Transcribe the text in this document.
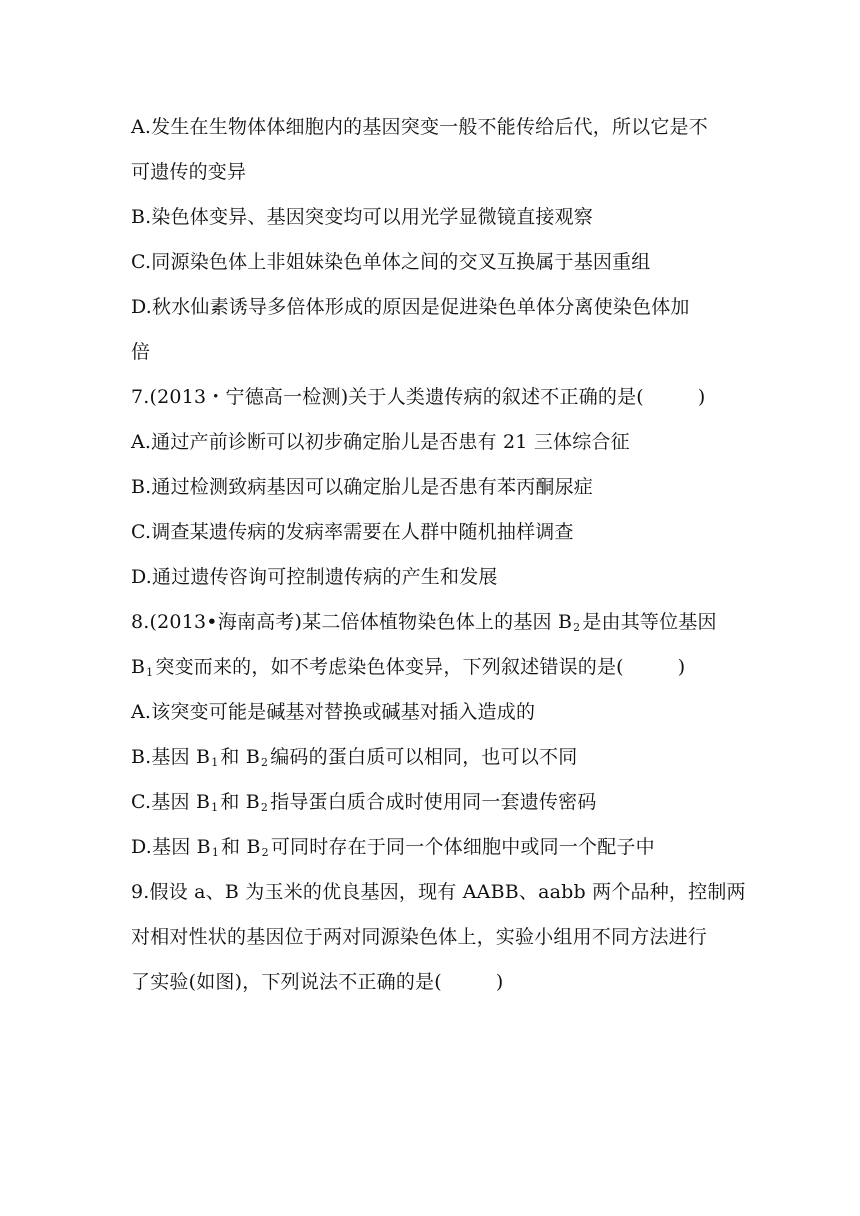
A.发生在生物体体细胞内的基因突变一般不能传给后代，所以它是不
可遗传的变异
B.染色体变异、基因突变均可以用光学显微镜直接观察
C.同源染色体上非姐妹染色单体之间的交叉互换属于基因重组
D.秋水仙素诱导多倍体形成的原因是促进染色单体分离使染色体加
倍
7.(2013・宁德高一检测)关于人类遗传病的叙述不正确的是(	)
A.通过产前诊断可以初步确定胎儿是否患有 21 三体综合征
B.通过检测致病基因可以确定胎儿是否患有苯丙酮尿症
C.调查某遗传病的发病率需要在人群中随机抽样调查
D.通过遗传咨询可控制遗传病的产生和发展
8.(2013•海南高考)某二倍体植物染色体上的基因 $B_2$ 是由其等位基因
$B_1$ 突变而来的，如不考虑染色体变异，下列叙述错误的是(	)
A.该突变可能是碱基对替换或碱基对插入造成的
B.基因 $B_1$ 和 $B_2$ 编码的蛋白质可以相同，也可以不同
C.基因 $B_1$ 和 $B_2$ 指导蛋白质合成时使用同一套遗传密码
D.基因 $B_1$ 和 $B_2$ 可同时存在于同一个体细胞中或同一个配子中
9.假设 a、B 为玉米的优良基因，现有 AABB、aabb 两个品种，控制两
对相对性状的基因位于两对同源染色体上，实验小组用不同方法进行
了实验(如图)，下列说法不正确的是(	)
